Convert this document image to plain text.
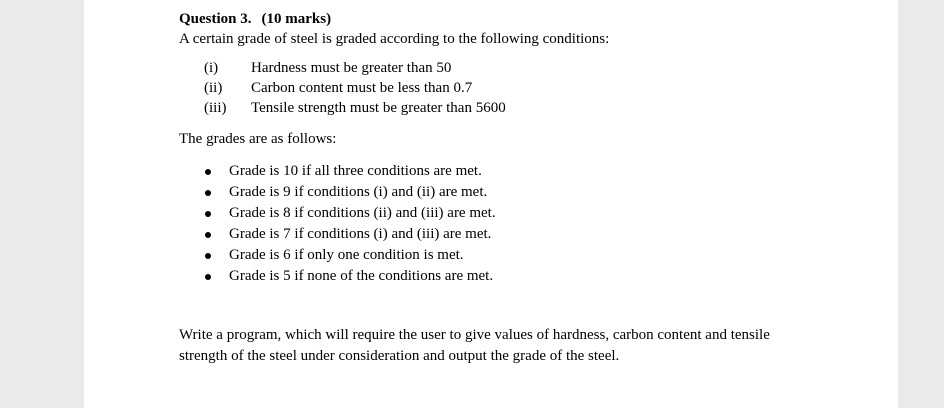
Question 3. (10 marks)
A certain grade of steel is graded according to the following conditions:
(i)	Hardness must be greater than 50
(ii)	Carbon content must be less than 0.7
(iii)	Tensile strength must be greater than 5600
The grades are as follows:
Grade is 10 if all three conditions are met.
Grade is 9 if conditions (i) and (ii) are met.
Grade is 8 if conditions (ii) and (iii) are met.
Grade is 7 if conditions (i) and (iii) are met.
Grade is 6 if only one condition is met.
Grade is 5 if none of the conditions are met.
Write a program, which will require the user to give values of hardness, carbon content and tensile strength of the steel under consideration and output the grade of the steel.
